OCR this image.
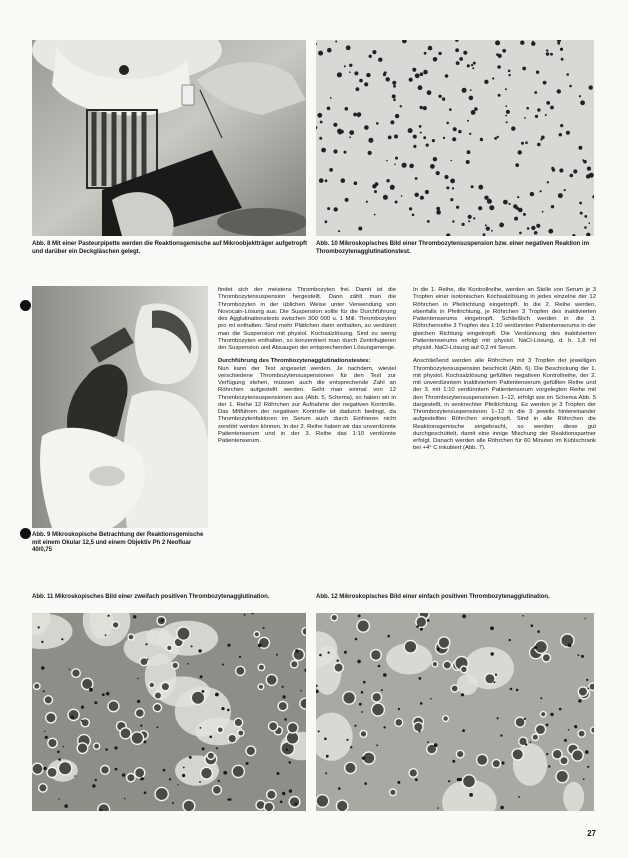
Abb. 8 Mit einer Pasteurpipette werden die Reaktionsgemische auf Mikroobjektträger aufgetropft und darüber ein Deckgläschen gelegt.
Abb. 10 Mikroskopisches Bild einer Thrombozytensuspension bzw. einer negativen Reaktion im Thrombozytenagglutinationstest.
Abb. 9 Mikroskopische Betrachtung der Reaktionsgemische mit einem Okular 12,5 und einem Objektiv Ph 2 Neofluar 40/0,75

findet sich der meistens Thrombozyten frei. Damit ist die Thrombozytensuspension hergestellt. Dann zählt man die Thrombozyten in der üblichen Weise unter Verwendung von Novocain-Lösung aus. Die Suspension sollte für die Durchführung des Agglutinationstests zwischen 300 000 u. 1 Mill. Thrombozyten pro ml enthalten. Sind mehr Plättchen darin enthalten, so verdünnt man die Suspension mit physiol. Kochsalzlösung. Sind zu wenig Thrombozyten enthalten, so konzentriert man durch Zentrifugieren der Suspension und Absaugen der entsprechenden Lösungsmenge.

Durchführung des Thrombozytenagglutinationstestes:

Nun kann der Test angesetzt werden. Je nachdem, wieviel verschiedene Thrombozytensuspensionen für den Test zur Verfügung stehen, müssen auch die entsprechende Zahl an Röhrchen aufgestellt werden. Geht man einmal von 12 Thrombozytensuspensionen aus (Abb. 5, Schema), so haben wir in der 1. Reihe 12 Röhrchen zur Aufnahme der negativen Kontrolle. Das Mitführen der negativen Kontrolle ist dadurch bedingt, da Thrombozytenfaktoren im Serum auch durch Einfrieren nicht zerstört werden können. In der 2. Reihe haben wir das unverdünnte Patientenserum und in der 3. Reihe das 1:10 verdünnte Patientenserum.

In die 1. Reihe, die Kontrollreihe, werden an Stelle von Serum je 3 Tropfen einer isotonischen Kochsalzlösung in jedes einzelne der 12 Röhrchen in Pfeilrichtung eingetropft. In die 2. Reihe werden, ebenfalls in Pfeilrichtung, je Röhrchen 3 Tropfen des inaktivierten Patientenserums eingetropft. Schließlich werden in die 3. Röhrchenreihe 3 Tropfen des 1:10 verdünnten Patientenserums in der gleichen Richtung eingetropft. Die Verdünnung des inaktivierten Patientenserums erfolgt mit physiol. NaCl-Lösung, d. h. 1,8 ml physiol. NaCl-Lösung auf 0,2 ml Serum.

Anschließend werden alle Röhrchen mit 3 Tropfen der jeweiligen Thrombozytensuspension beschickt (Abb. 6). Die Beschickung der 1. mit physiol. Kochsalzlösung gefüllten negativen Kontrollreihe, der 2. mit unverdünntem inaktiviertem Patientenserum gefüllten Reihe und der 3. mit 1:10 verdünntem Patientenserum vorgelegten Reihe mit den Thrombozytensuspensionen 1–12, erfolgt wie im Schema Abb. 5 dargestellt, in senkrechter Pfeilrichtung. Es werden je 3 Tropfen der Thrombozytensuspensionen 1–12 in die 3 jeweils hintereinander aufgestellten Röhrchen eingetropft. Sind in alle Röhrchen die Reaktionsgemische eingebracht, so werden diese gut durchgeschüttelt, damit eine innige Mischung der Reaktionspartner erfolgt. Danach werden alle Röhrchen für 60 Minuten im Kühlschrank bei +4° C inkubiert (Abb. 7).

Abb. 11 Mikroskopisches Bild einer zweifach positiven Thrombozytenagglutination.	Abb. 12 Mikroskopisches Bild einer einfach positiven Thrombozytenagglutination.
27
